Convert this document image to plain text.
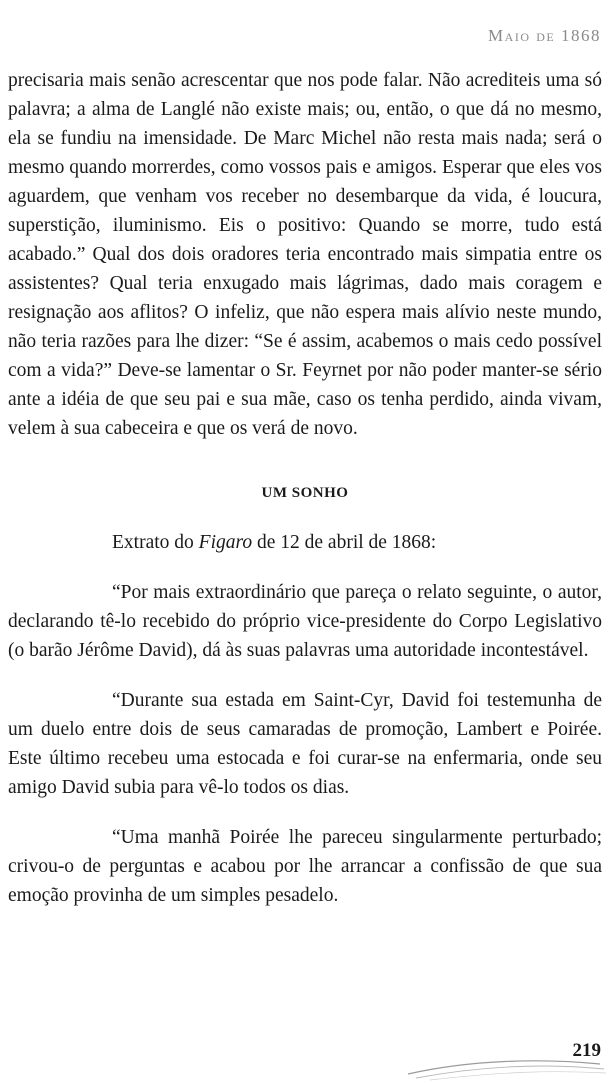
Maio de 1868

precisaria mais senão acrescentar que nos pode falar. Não acrediteis uma só palavra; a alma de Langlé não existe mais; ou, então, o que dá no mesmo, ela se fundiu na imensidade. De Marc Michel não resta mais nada; será o mesmo quando morrerdes, como vossos pais e amigos. Esperar que eles vos aguardem, que venham vos receber no desembarque da vida, é loucura, superstição, iluminismo. Eis o positivo: Quando se morre, tudo está acabado.” Qual dos dois oradores teria encontrado mais simpatia entre os assistentes? Qual teria enxugado mais lágrimas, dado mais coragem e resignação aos aflitos? O infeliz, que não espera mais alívio neste mundo, não teria razões para lhe dizer: “Se é assim, acabemos o mais cedo possível com a vida?” Deve-se lamentar o Sr. Feyrnet por não poder manter-se sério ante a idéia de que seu pai e sua mãe, caso os tenha perdido, ainda vivam, velem à sua cabeceira e que os verá de novo.

UM SONHO

Extrato do Figaro de 12 de abril de 1868:

“Por mais extraordinário que pareça o relato seguinte, o autor, declarando tê-lo recebido do próprio vice-presidente do Corpo Legislativo (o barão Jérôme David), dá às suas palavras uma autoridade incontestável.

“Durante sua estada em Saint-Cyr, David foi testemunha de um duelo entre dois de seus camaradas de promoção, Lambert e Poirée. Este último recebeu uma estocada e foi curar-se na enfermaria, onde seu amigo David subia para vê-lo todos os dias.

“Uma manhã Poirée lhe pareceu singularmente perturbado; crivou-o de perguntas e acabou por lhe arrancar a confissão de que sua emoção provinha de um simples pesadelo.

219
